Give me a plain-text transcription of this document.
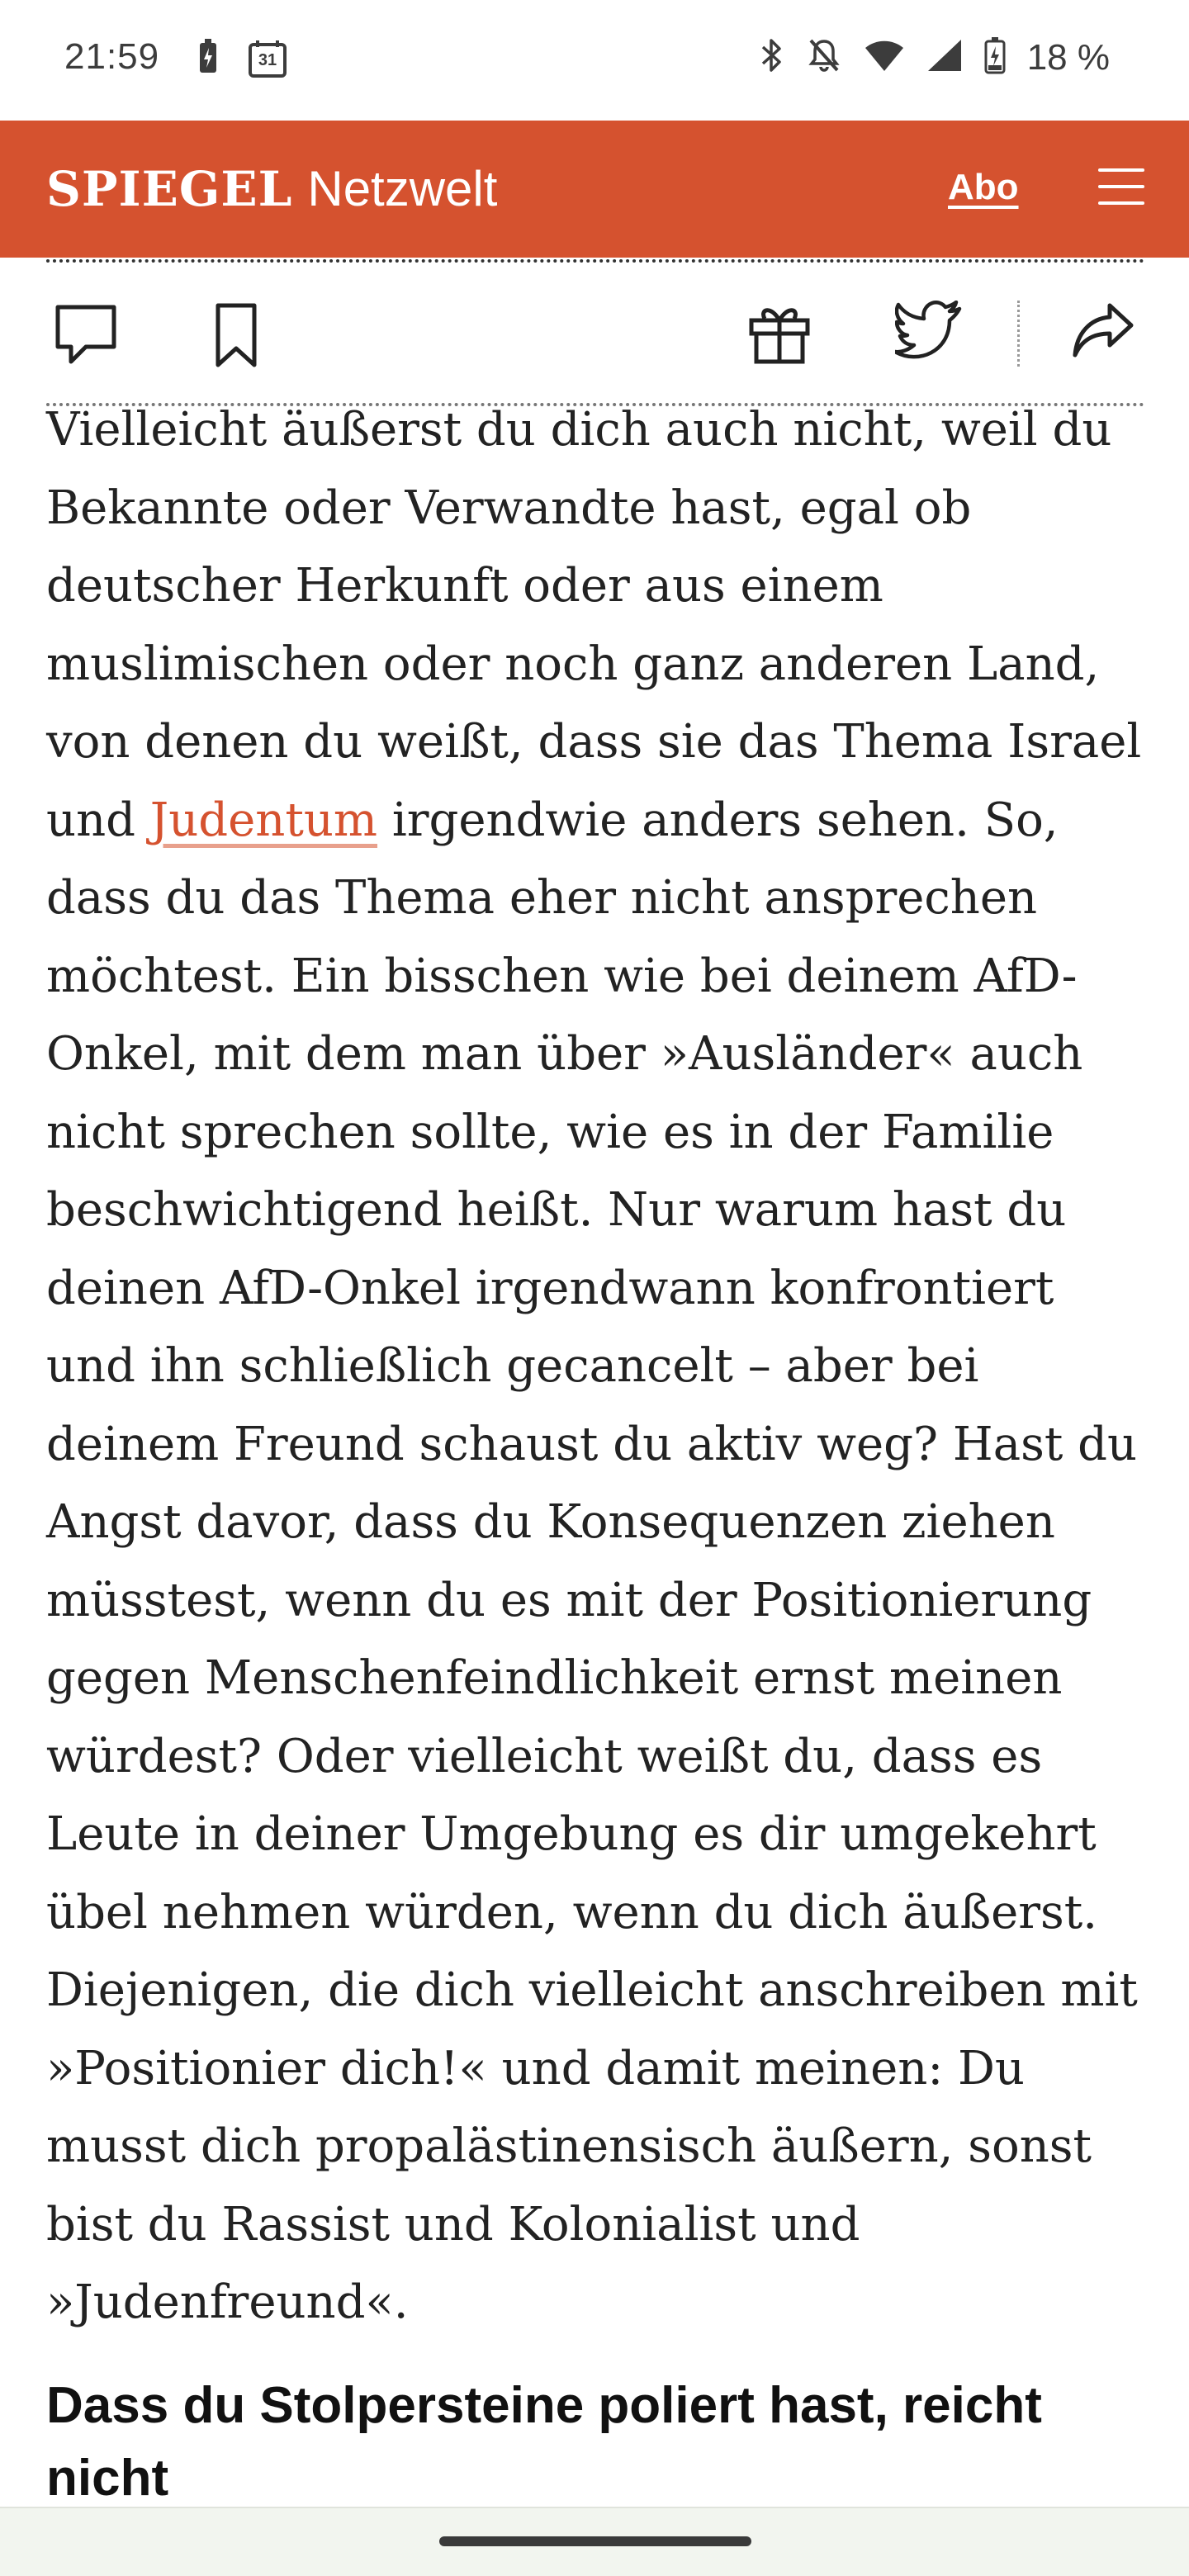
21:59	31	18 %
SPIEGEL Netzwelt	Abo

Vielleicht äußerst du dich auch nicht, weil du Bekannte oder Verwandte hast, egal ob deutscher Herkunft oder aus einem muslimischen oder noch ganz anderen Land, von denen du weißt, dass sie das Thema Israel und Judentum irgendwie anders sehen. So, dass du das Thema eher nicht ansprechen möchtest. Ein bisschen wie bei deinem AfD-Onkel, mit dem man über »Ausländer« auch nicht sprechen sollte, wie es in der Familie beschwichtigend heißt. Nur warum hast du deinen AfD-Onkel irgendwann konfrontiert und ihn schließlich gecancelt – aber bei deinem Freund schaust du aktiv weg? Hast du Angst davor, dass du Konsequenzen ziehen müsstest, wenn du es mit der Positionierung gegen Menschenfeindlichkeit ernst meinen würdest? Oder vielleicht weißt du, dass es Leute in deiner Umgebung es dir umgekehrt übel nehmen würden, wenn du dich äußerst. Diejenigen, die dich vielleicht anschreiben mit »Positionier dich!« und damit meinen: Du musst dich propalästinensisch äußern, sonst bist du Rassist und Kolonialist und »Judenfreund«.

Dass du Stolpersteine poliert hast, reicht nicht
